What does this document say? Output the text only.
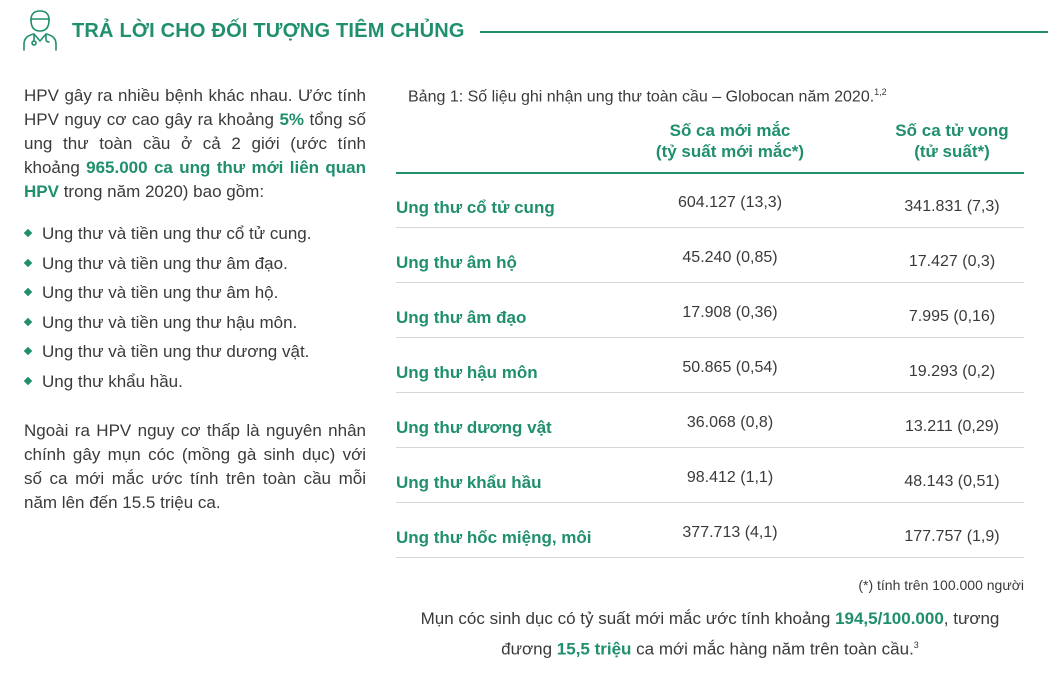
TRẢ LỜI CHO ĐỐI TƯỢNG TIÊM CHỦNG

HPV gây ra nhiều bệnh khác nhau. Ước tính HPV nguy cơ cao gây ra khoảng 5% tổng số ung thư toàn cầu ở cả 2 giới (ước tính khoảng 965.000 ca ung thư mới liên quan HPV trong năm 2020) bao gồm:

Ung thư và tiền ung thư cổ tử cung.
Ung thư và tiền ung thư âm đạo.
Ung thư và tiền ung thư âm hộ.
Ung thư và tiền ung thư hậu môn.
Ung thư và tiền ung thư dương vật.
Ung thư khẩu hầu.

Ngoài ra HPV nguy cơ thấp là nguyên nhân chính gây mụn cóc (mồng gà sinh dục) với số ca mới mắc ước tính trên toàn cầu mỗi năm lên đến 15.5 triệu ca.

Bảng 1: Số liệu ghi nhận ung thư toàn cầu – Globocan năm 2020.$^{1,2}$
Số ca mới mắc
(tỷ suất mới mắc*)
Số ca tử vong
(tử suất*)
Ung thư cổ tử cung	604.127 (13,3)	341.831 (7,3)
Ung thư âm hộ	45.240 (0,85)	17.427 (0,3)
Ung thư âm đạo	17.908 (0,36)	7.995 (0,16)
Ung thư hậu môn	50.865 (0,54)	19.293 (0,2)
Ung thư dương vật	36.068 (0,8)	13.211 (0,29)
Ung thư khẩu hầu	98.412 (1,1)	48.143 (0,51)
Ung thư hốc miệng, môi	377.713 (4,1)	177.757 (1,9)
(*) tính trên 100.000 người
Mụn cóc sinh dục có tỷ suất mới mắc ước tính khoảng 194,5/100.000, tương đương 15,5 triệu ca mới mắc hàng năm trên toàn cầu.$^3$
